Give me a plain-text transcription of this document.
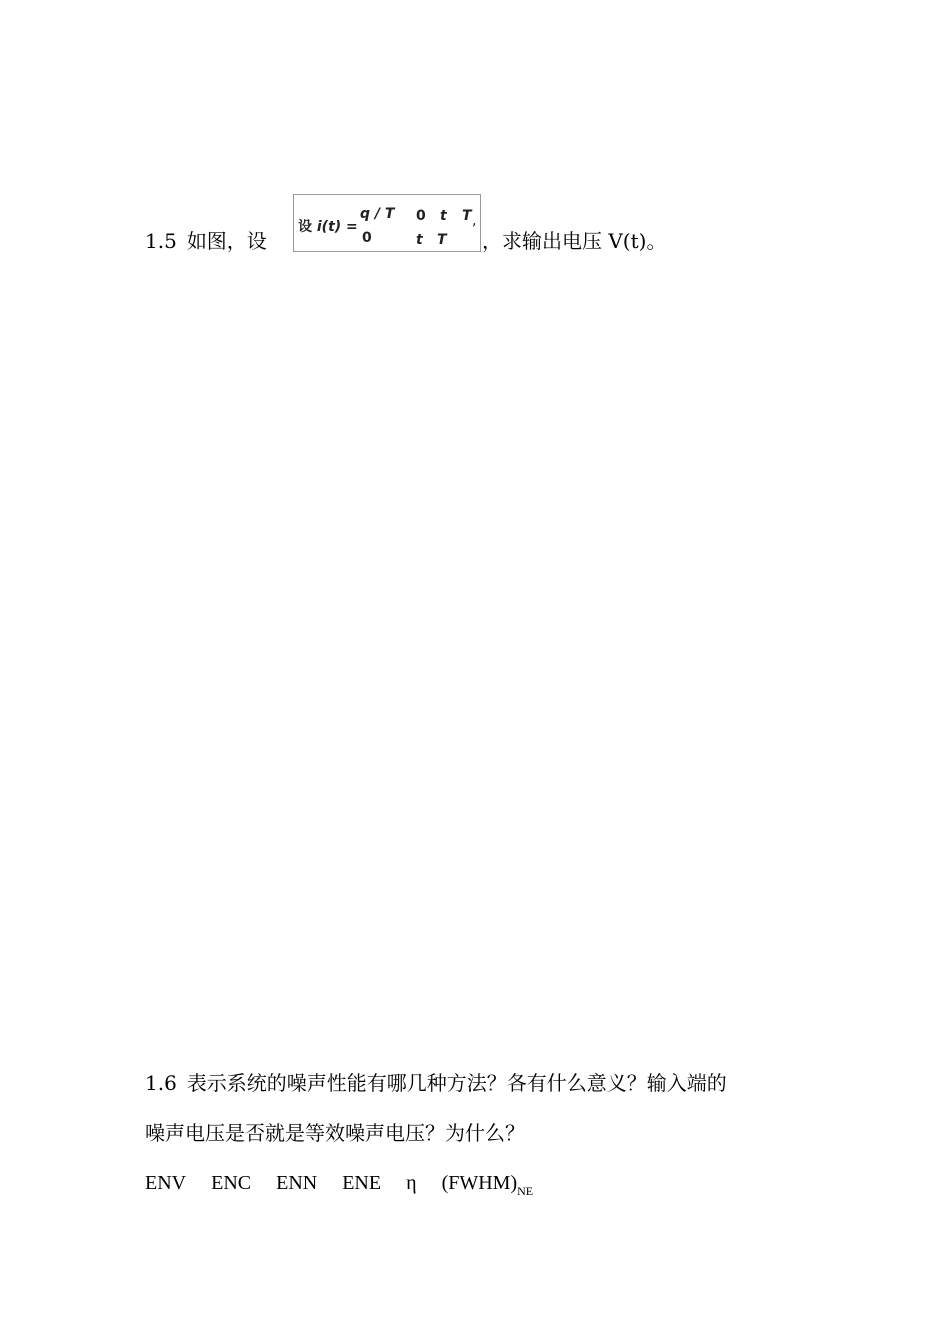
1.5 如图，设
设 i(t) =
q / T 0 t T
0	t T
,
，求输出电压 V(t)。
1.6 表示系统的噪声性能有哪几种方法？各有什么意义？输入端的
噪声电压是否就是等效噪声电压？为什么？
ENV ENC ENN ENE η $(FWHM)_{NE}$
